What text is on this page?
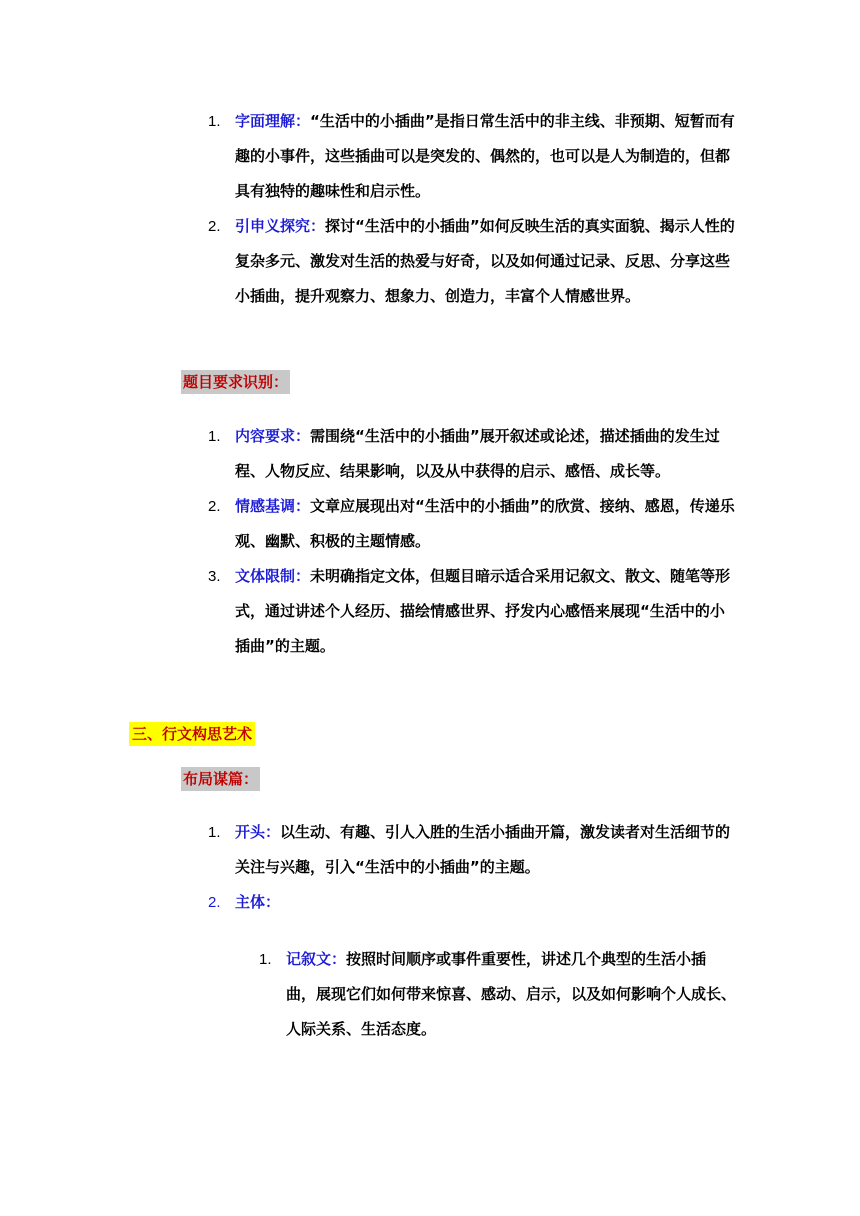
1. 字面理解：“生活中的小插曲”是指日常生活中的非主线、非预期、短暂而有趣的小事件，这些插曲可以是突发的、偶然的，也可以是人为制造的，但都具有独特的趣味性和启示性。
2. 引申义探究：探讨“生活中的小插曲”如何反映生活的真实面貌、揭示人性的复杂多元、激发对生活的热爱与好奇，以及如何通过记录、反思、分享这些小插曲，提升观察力、想象力、创造力，丰富个人情感世界。
题目要求识别：
1. 内容要求：需围绕“生活中的小插曲”展开叙述或论述，描述插曲的发生过程、人物反应、结果影响，以及从中获得的启示、感悟、成长等。
2. 情感基调：文章应展现出对“生活中的小插曲”的欣赏、接纳、感恩，传递乐观、幽默、积极的主题情感。
3. 文体限制：未明确指定文体，但题目暗示适合采用记叙文、散文、随笔等形式，通过讲述个人经历、描绘情感世界、抒发内心感悟来展现“生活中的小插曲”的主题。
三、行文构思艺术
布局谋篇：
1. 开头：以生动、有趣、引人入胜的生活小插曲开篇，激发读者对生活细节的关注与兴趣，引入“生活中的小插曲”的主题。
2. 主体：
1. 记叙文：按照时间顺序或事件重要性，讲述几个典型的生活小插曲，展现它们如何带来惊喜、感动、启示，以及如何影响个人成长、人际关系、生活态度。
